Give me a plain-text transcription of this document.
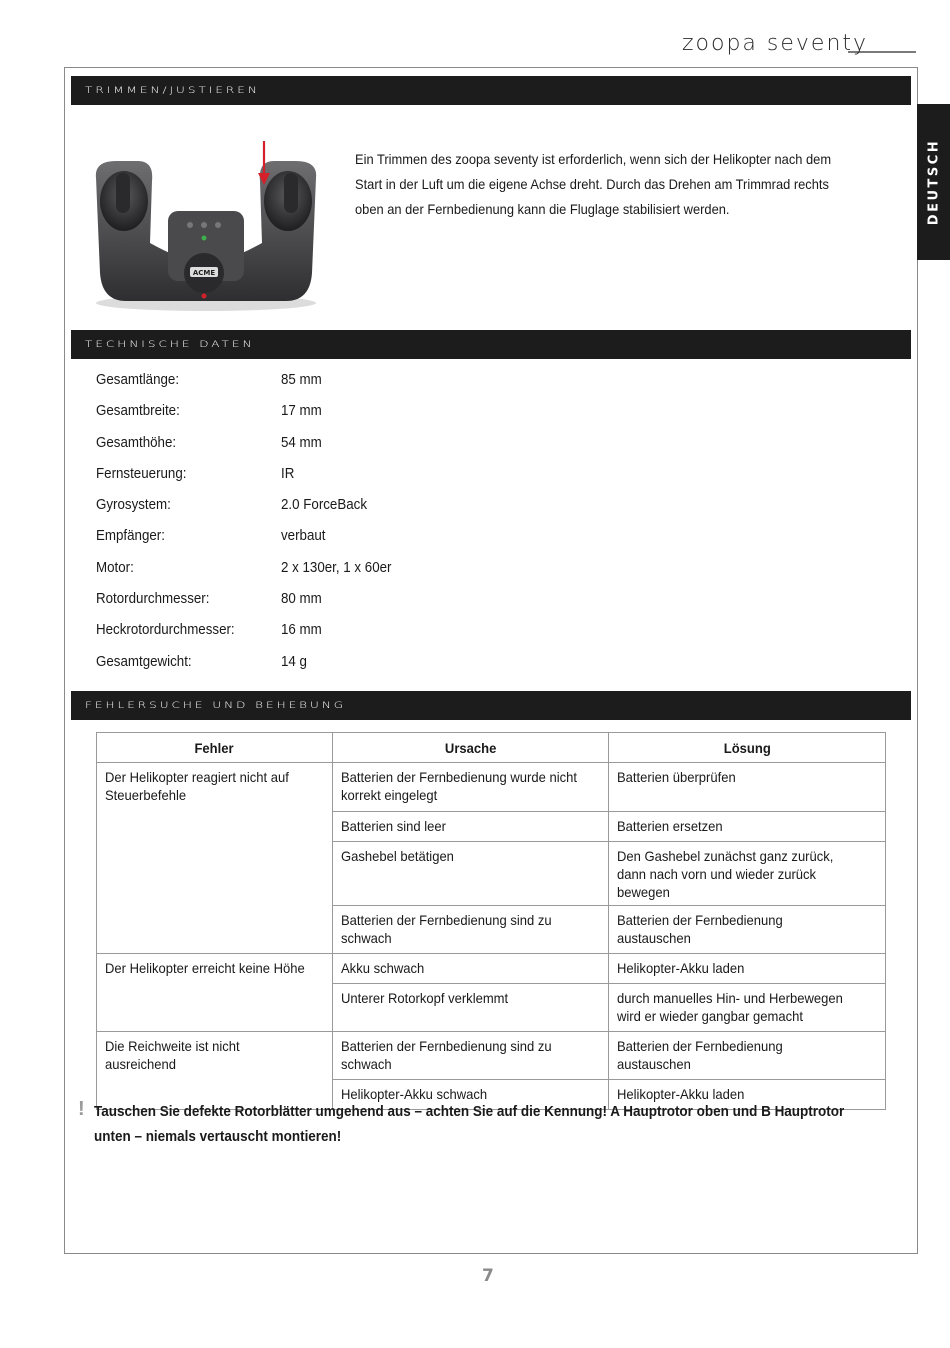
zoopa seventy
DEUTSCH
TRIMMEN/JUSTIEREN
ACME
Ein Trimmen des zoopa seventy ist erforderlich, wenn sich der Helikopter nach dem Start in der Luft um die eigene Achse dreht. Durch das Drehen am Trimmrad rechts oben an der Fernbedienung kann die Fluglage stabilisiert werden.
TECHNISCHE DATEN
Gesamtlänge:	85 mm
Gesamtbreite:	17 mm
Gesamthöhe:	54 mm
Fernsteuerung:	IR
Gyrosystem:	2.0 ForceBack
Empfänger:	verbaut
Motor:	2 x 130er, 1 x 60er
Rotordurchmesser:	80 mm
Heckrotordurchmesser:	16 mm
Gesamtgewicht:	14 g
FEHLERSUCHE UND BEHEBUNG
Fehler	Ursache	Lösung
Der Helikopter reagiert nicht auf Steuerbefehle	Batterien der Fernbedienung wurde nicht korrekt eingelegt	Batterien überprüfen
	Batterien sind leer	Batterien ersetzen
	Gashebel betätigen	Den Gashebel zunächst ganz zurück, dann nach vorn und wieder zurück bewegen
	Batterien der Fernbedienung sind zu schwach	Batterien der Fernbedienung austauschen
Der Helikopter erreicht keine Höhe	Akku schwach	Helikopter-Akku laden
	Unterer Rotorkopf verklemmt	durch manuelles Hin- und Herbewegen wird er wieder gangbar gemacht
Die Reichweite ist nicht ausreichend	Batterien der Fernbedienung sind zu schwach	Batterien der Fernbedienung austauschen
	Helikopter-Akku schwach	Helikopter-Akku laden
! Tauschen Sie defekte Rotorblätter umgehend aus – achten Sie auf die Kennung! A Hauptrotor oben und B Hauptrotor unten – niemals vertauscht montieren!
7
